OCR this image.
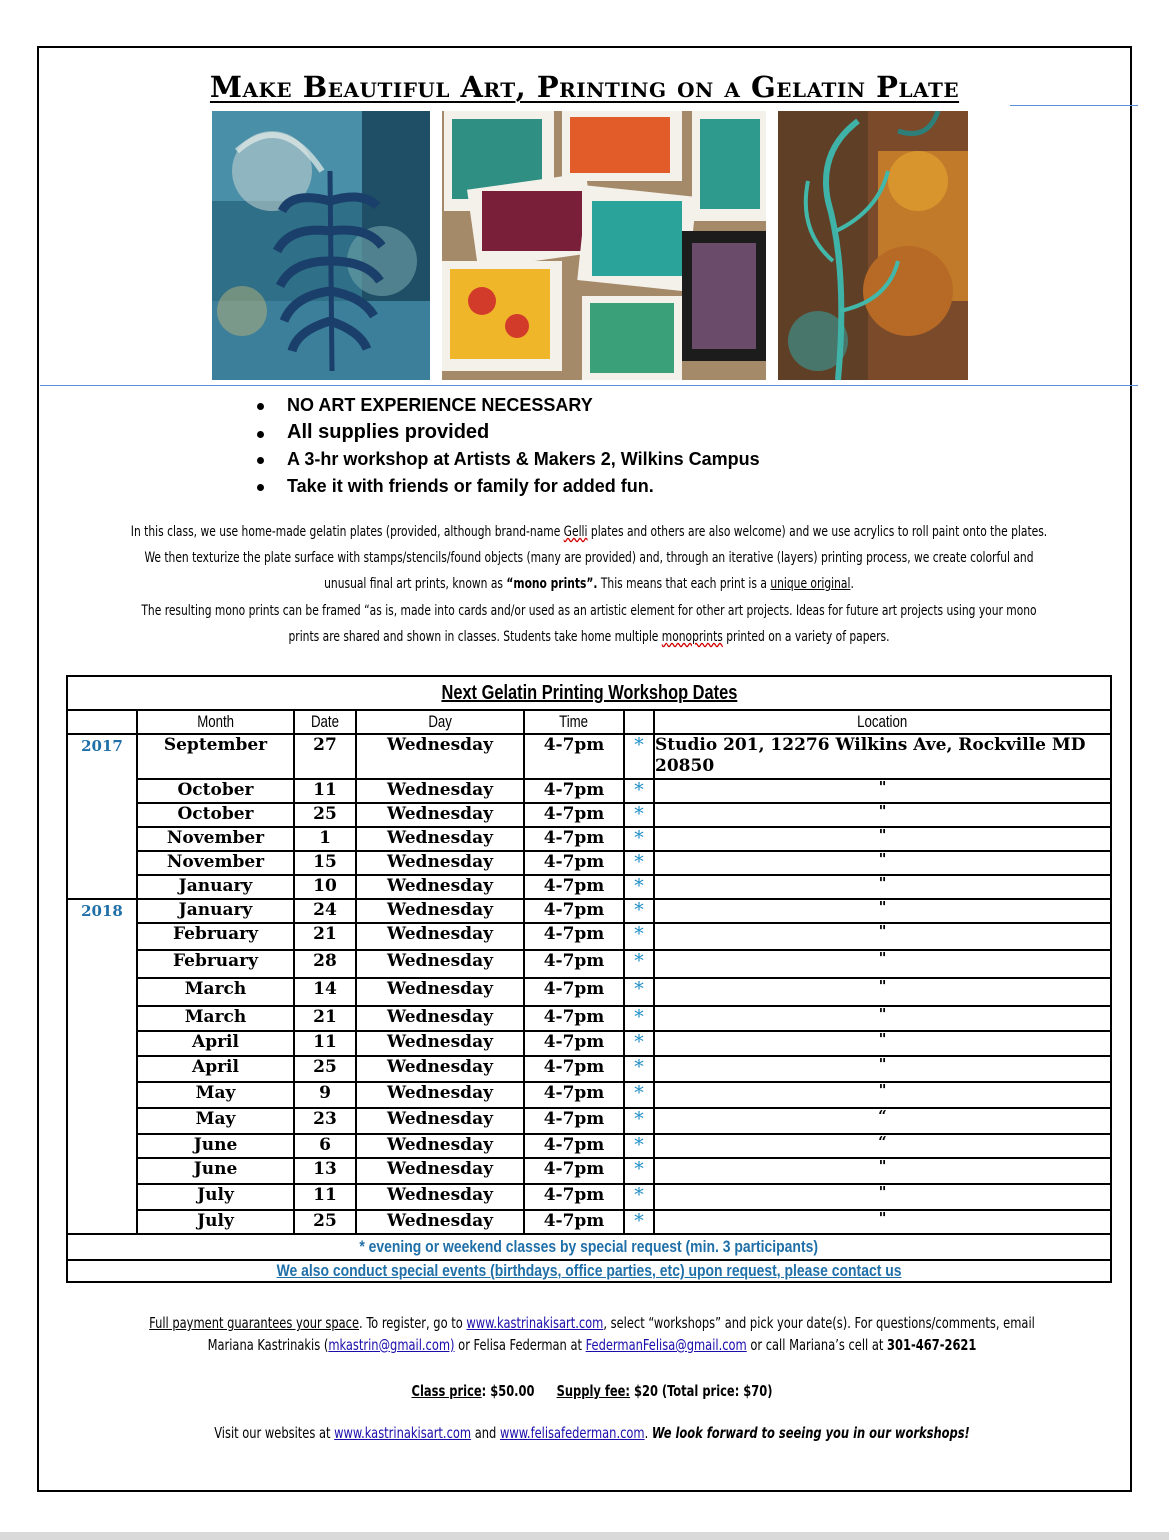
Make Beautiful Art, Printing on a Gelatin Plate
NO ART EXPERIENCE NECESSARY
All supplies provided
A 3-hr workshop at Artists & Makers 2, Wilkins Campus
Take it with friends or family for added fun.
In this class, we use home-made gelatin plates (provided, although brand-name Gelli plates and others are also welcome) and we use acrylics to roll paint onto the plates. We then texturize the plate surface with stamps/stencils/found objects (many are provided) and, through an iterative (layers) printing process, we create colorful and unusual final art prints, known as “mono prints”. This means that each print is a unique original.
The resulting mono prints can be framed “as is, made into cards and/or used as an artistic element for other art projects. Ideas for future art projects using your mono prints are shared and shown in classes. Students take home multiple monoprints printed on a variety of papers.
Next Gelatin Printing Workshop Dates						
	Month	Date	Day	Time		Location
2017	September	27	Wednesday	4-7pm	*	Studio 201, 12276 Wilkins Ave, Rockville MD 20850
	October	11	Wednesday	4-7pm	*	"
	October	25	Wednesday	4-7pm	*	"
	November	1	Wednesday	4-7pm	*	"
	November	15	Wednesday	4-7pm	*	"
	January	10	Wednesday	4-7pm	*	"
2018	January	24	Wednesday	4-7pm	*	"
	February	21	Wednesday	4-7pm	*	"
	February	28	Wednesday	4-7pm	*	"
	March	14	Wednesday	4-7pm	*	"
	March	21	Wednesday	4-7pm	*	"
	April	11	Wednesday	4-7pm	*	"
	April	25	Wednesday	4-7pm	*	"
	May	9	Wednesday	4-7pm	*	"
	May	23	Wednesday	4-7pm	*	“
	June	6	Wednesday	4-7pm	*	“
	June	13	Wednesday	4-7pm	*	"
	July	11	Wednesday	4-7pm	*	"
	July	25	Wednesday	4-7pm	*	"
* evening or weekend classes by special request (min. 3 participants)						
We also conduct special events (birthdays, office parties, etc) upon request, please contact us						
Full payment guarantees your space. To register, go to www.kastrinakisart.com, select “workshops” and pick your date(s). For questions/comments, email Mariana Kastrinakis (mkastrin@gmail.com) or Felisa Federman at FedermanFelisa@gmail.com or call Mariana’s cell at 301-467-2621
Class price: $50.00 Supply fee: $20 (Total price: $70)
Visit our websites at www.kastrinakisart.com and www.felisafederman.com. We look forward to seeing you in our workshops!
